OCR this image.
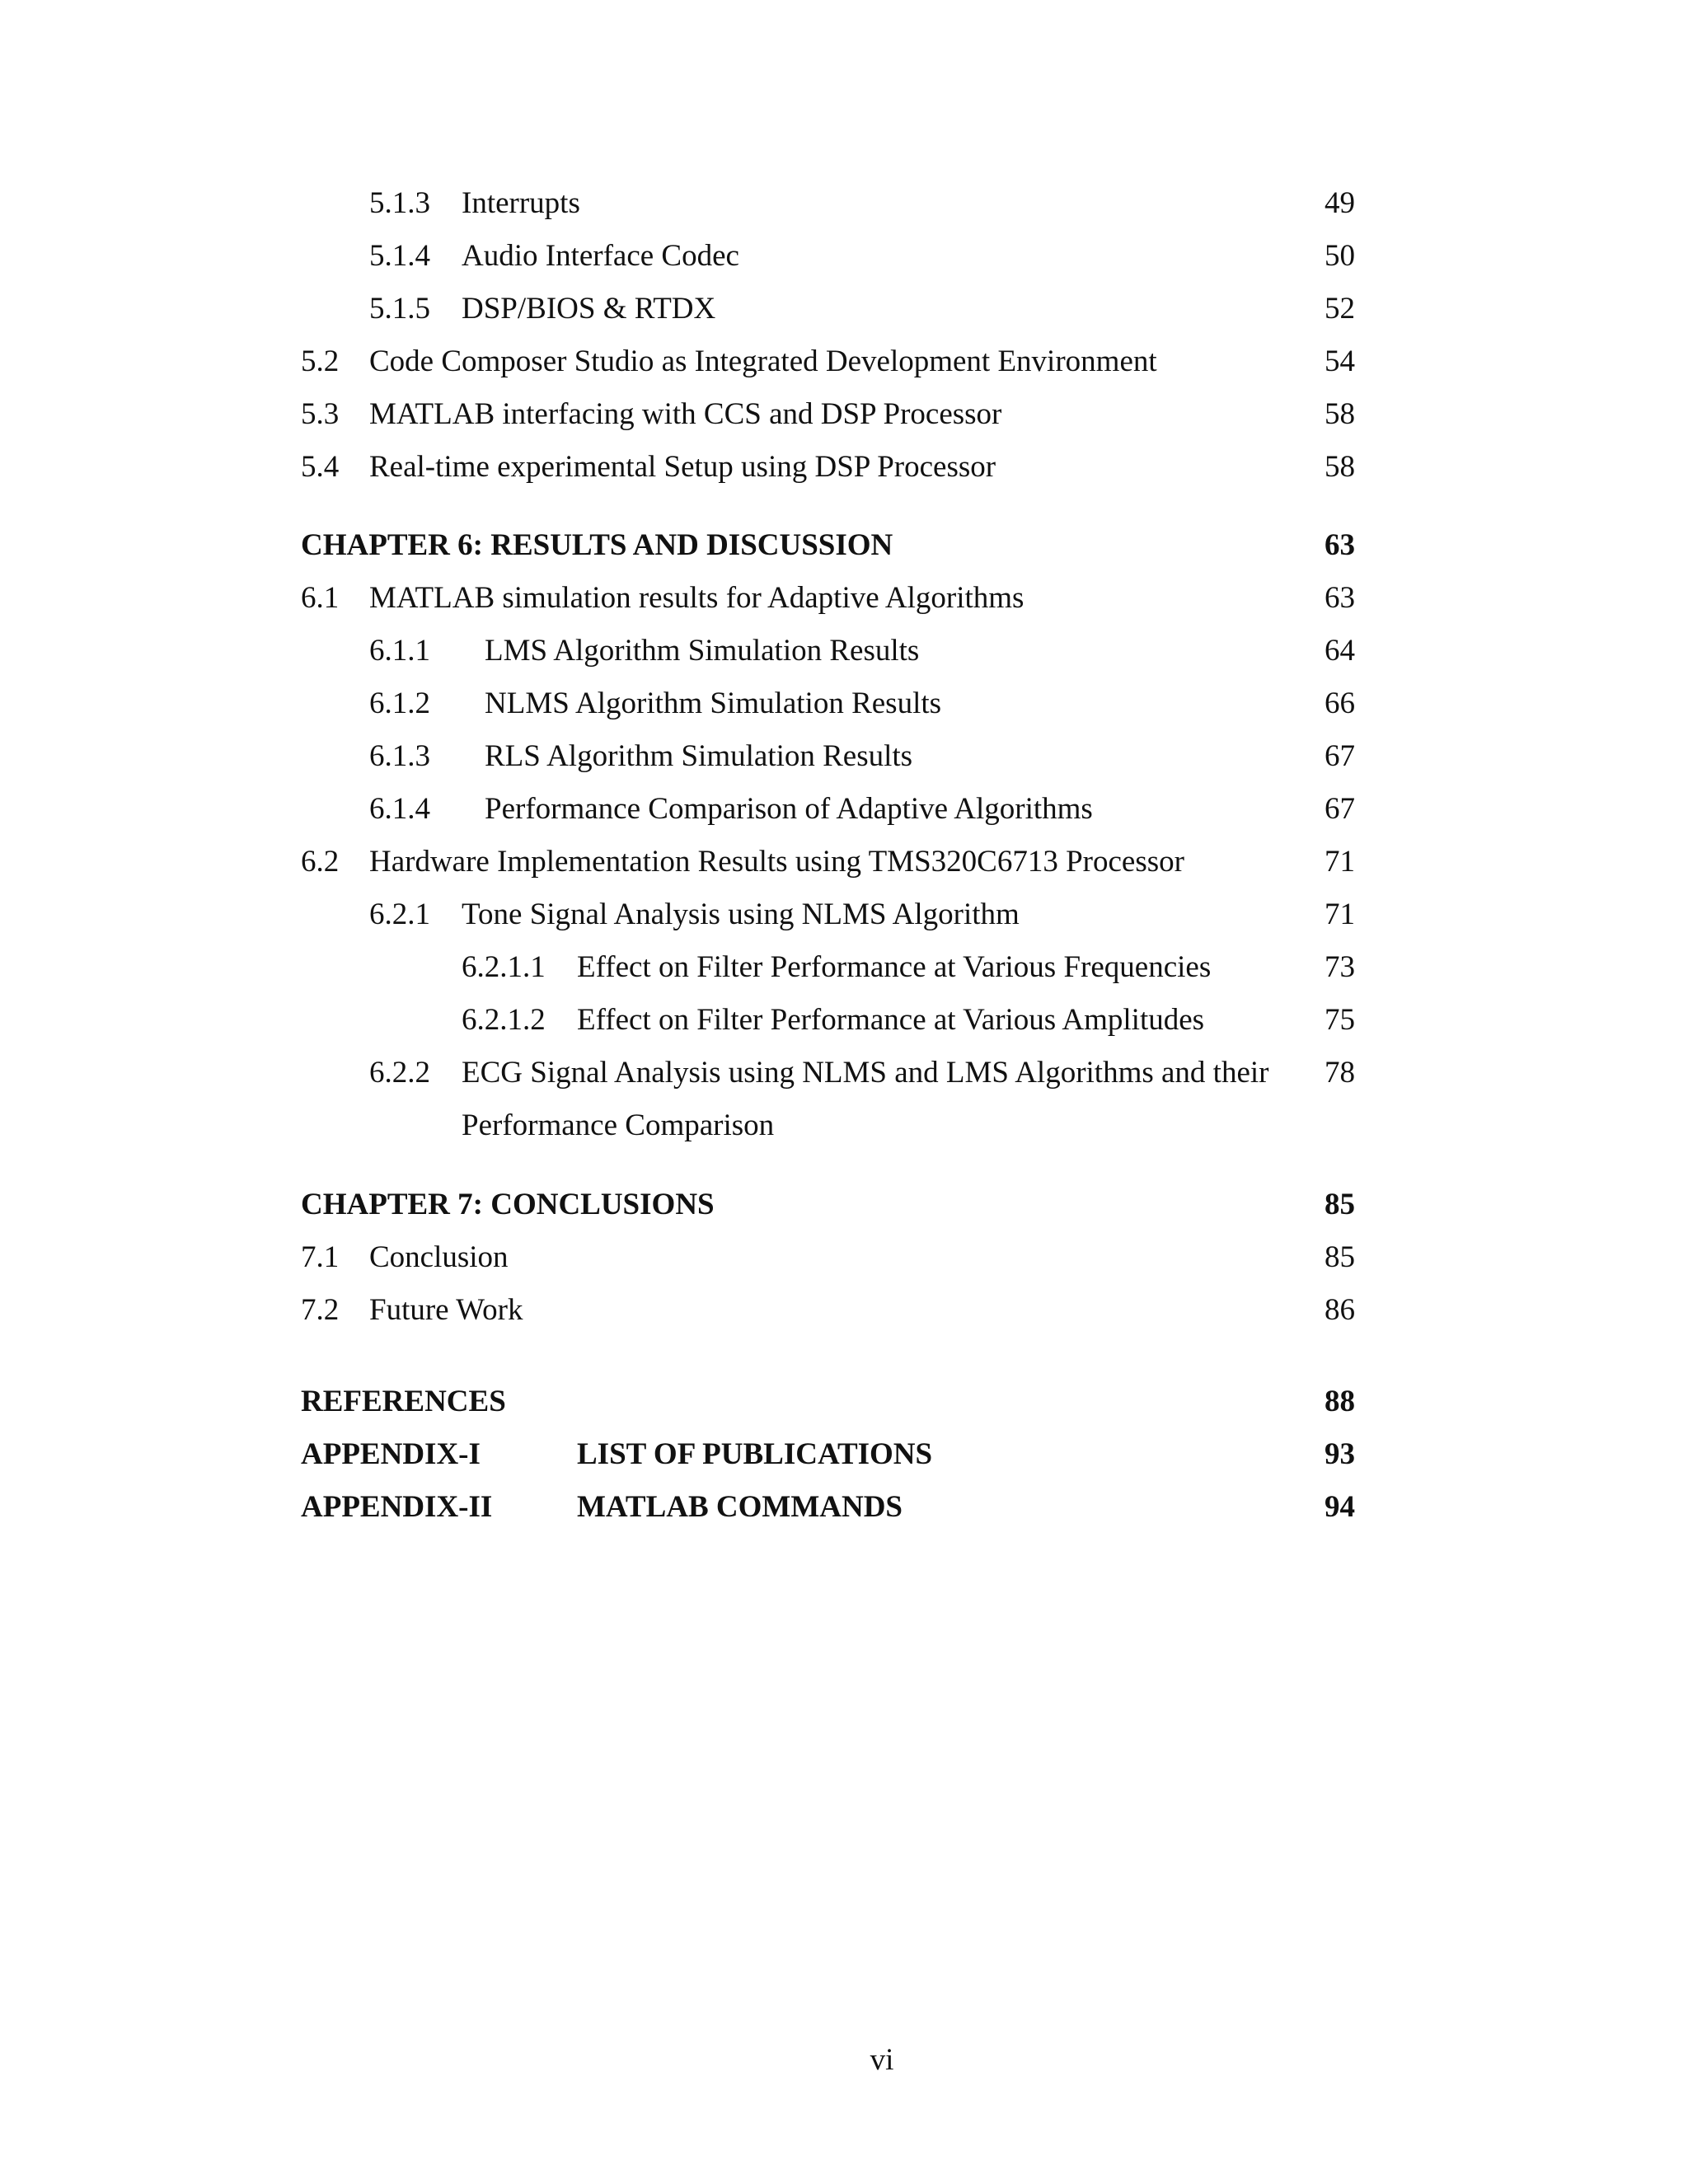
5.1.3 Interrupts	49
5.1.4 Audio Interface Codec	50
5.1.5 DSP/BIOS & RTDX	52
5.2 Code Composer Studio as Integrated Development Environment	54
5.3 MATLAB interfacing with CCS and DSP Processor	58
5.4 Real-time experimental Setup using DSP Processor	58
CHAPTER 6: RESULTS AND DISCUSSION	63
6.1 MATLAB simulation results for Adaptive Algorithms	63
6.1.1 LMS Algorithm Simulation Results	64
6.1.2 NLMS Algorithm Simulation Results	66
6.1.3 RLS Algorithm Simulation Results	67
6.1.4 Performance Comparison of Adaptive Algorithms	67
6.2 Hardware Implementation Results using TMS320C6713 Processor	71
6.2.1 Tone Signal Analysis using NLMS Algorithm	71
6.2.1.1 Effect on Filter Performance at Various Frequencies	73
6.2.1.2 Effect on Filter Performance at Various Amplitudes	75
6.2.2 ECG Signal Analysis using NLMS and LMS Algorithms and their	78
Performance Comparison
CHAPTER 7: CONCLUSIONS	85
7.1 Conclusion	85
7.2 Future Work	86
REFERENCES	88
APPENDIX-I	LIST OF PUBLICATIONS	93
APPENDIX-II	MATLAB COMMANDS	94
vi
